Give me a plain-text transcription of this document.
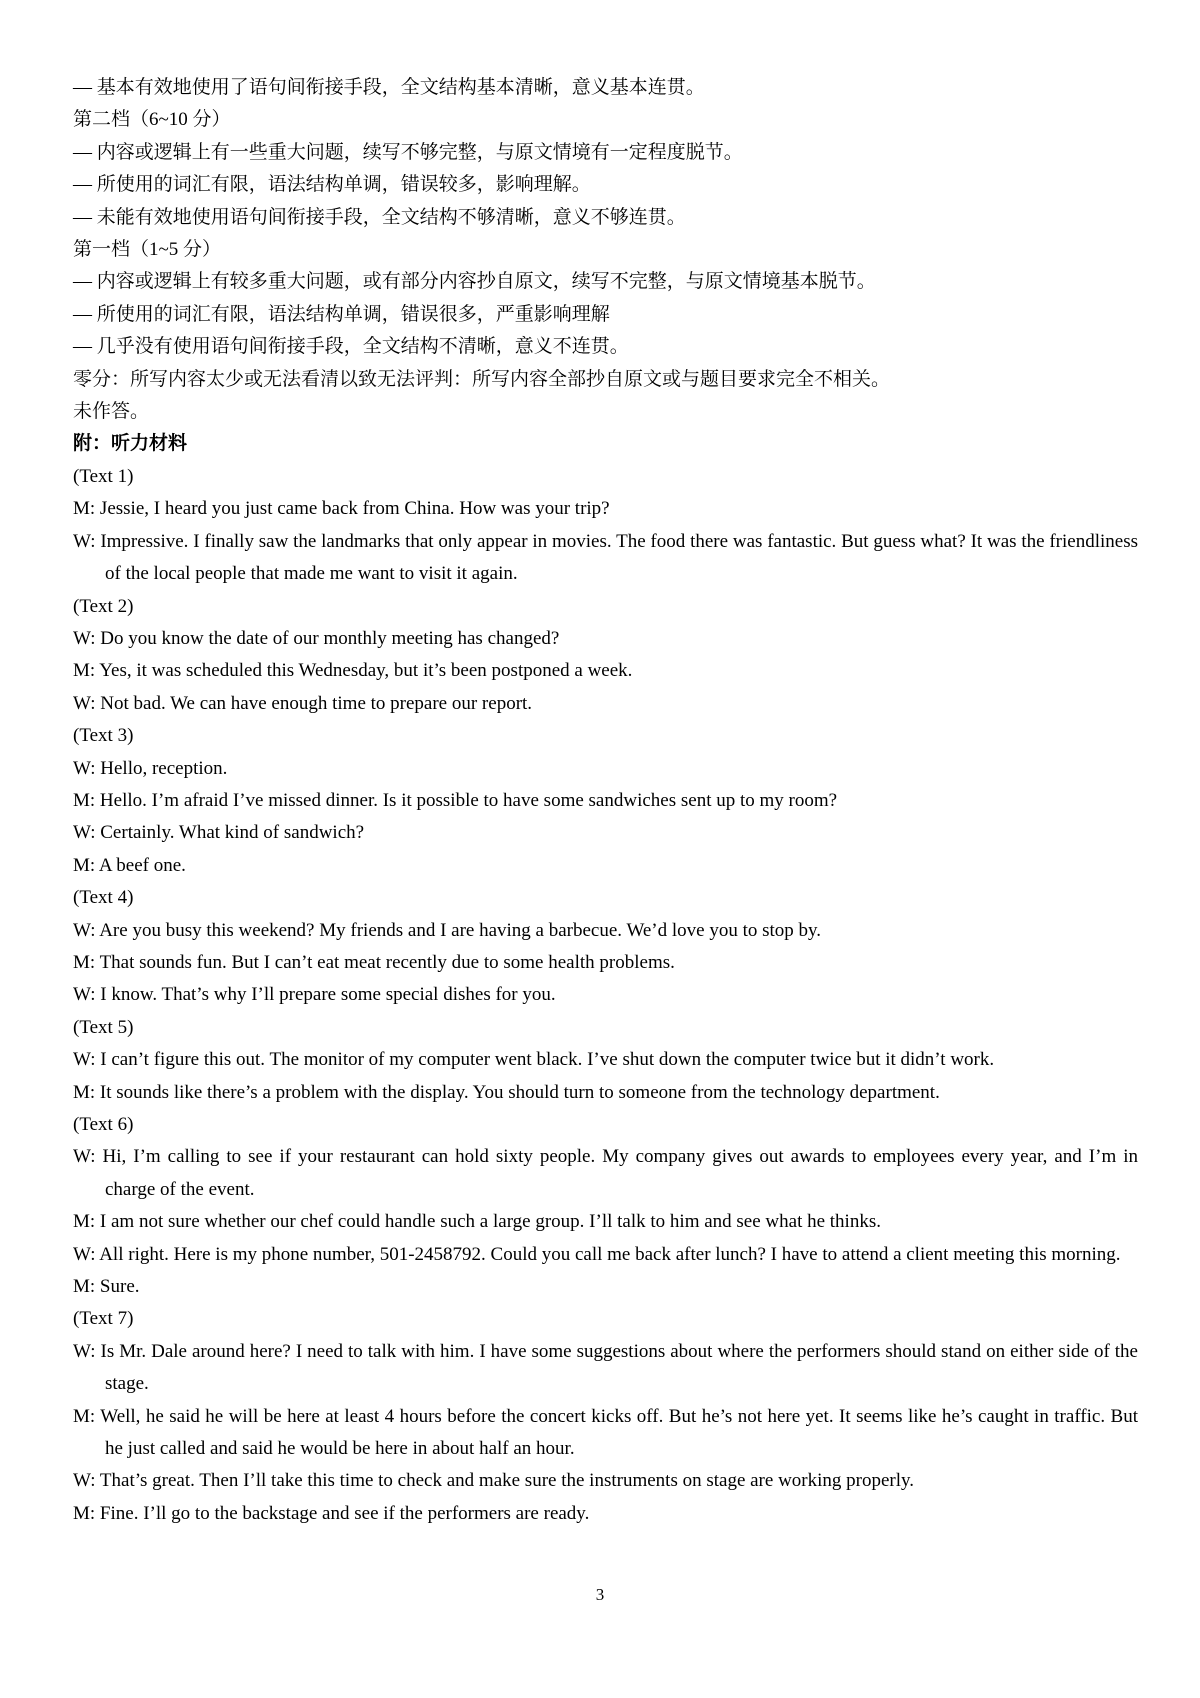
— 基本有效地使用了语句间衔接手段，全文结构基本清晰，意义基本连贯。

第二档（6~10 分）

— 内容或逻辑上有一些重大问题，续写不够完整，与原文情境有一定程度脱节。

— 所使用的词汇有限，语法结构单调，错误较多，影响理解。

— 未能有效地使用语句间衔接手段，全文结构不够清晰，意义不够连贯。

第一档（1~5 分）

— 内容或逻辑上有较多重大问题，或有部分内容抄自原文，续写不完整，与原文情境基本脱节。

— 所使用的词汇有限，语法结构单调，错误很多，严重影响理解

— 几乎没有使用语句间衔接手段，全文结构不清晰，意义不连贯。

零分：所写内容太少或无法看清以致无法评判：所写内容全部抄自原文或与题目要求完全不相关。

未作答。

附：听力材料

(Text 1)

M: Jessie, I heard you just came back from China. How was your trip?

W: Impressive. I finally saw the landmarks that only appear in movies. The food there was fantastic. But guess what? It was the friendliness of the local people that made me want to visit it again.

(Text 2)

W: Do you know the date of our monthly meeting has changed?

M: Yes, it was scheduled this Wednesday, but it’s been postponed a week.

W: Not bad. We can have enough time to prepare our report.

(Text 3)

W: Hello, reception.

M: Hello. I’m afraid I’ve missed dinner. Is it possible to have some sandwiches sent up to my room?

W: Certainly. What kind of sandwich?

M: A beef one.

(Text 4)

W: Are you busy this weekend? My friends and I are having a barbecue. We’d love you to stop by.

M: That sounds fun. But I can’t eat meat recently due to some health problems.

W: I know. That’s why I’ll prepare some special dishes for you.

(Text 5)

W: I can’t figure this out. The monitor of my computer went black. I’ve shut down the computer twice but it didn’t work.

M: It sounds like there’s a problem with the display. You should turn to someone from the technology department.

(Text 6)

W: Hi, I’m calling to see if your restaurant can hold sixty people. My company gives out awards to employees every year, and I’m in charge of the event.

M: I am not sure whether our chef could handle such a large group. I’ll talk to him and see what he thinks.

W: All right. Here is my phone number, 501-2458792. Could you call me back after lunch? I have to attend a client meeting this morning.

M: Sure.

(Text 7)

W: Is Mr. Dale around here? I need to talk with him. I have some suggestions about where the performers should stand on either side of the stage.

M: Well, he said he will be here at least 4 hours before the concert kicks off. But he’s not here yet. It seems like he’s caught in traffic. But he just called and said he would be here in about half an hour.

W: That’s great. Then I’ll take this time to check and make sure the instruments on stage are working properly.

M: Fine. I’ll go to the backstage and see if the performers are ready.

3
